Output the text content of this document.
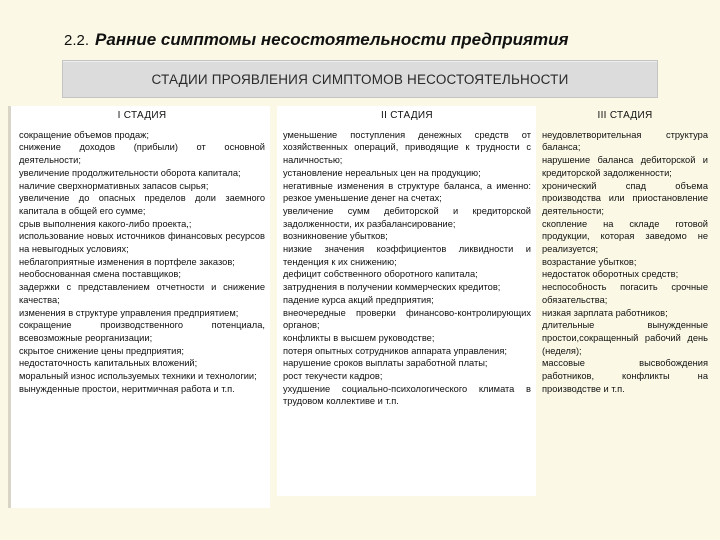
2.2. Ранние симптомы несостоятельности предприятия
СТАДИИ ПРОЯВЛЕНИЯ СИМПТОМОВ НЕСОСТОЯТЕЛЬНОСТИ
I СТАДИЯ

сокращение объемов продаж;

снижение доходов (прибыли) от основной деятельности;

увеличение продолжительности оборота капитала;

наличие сверхнормативных запасов сырья;

увеличение до опасных пределов доли заемного капитала в общей его сумме;

срыв выполнения какого-либо проекта,;

использование новых источников финансовых ресурсов на невыгодных условиях;

неблагоприятные изменения в портфеле заказов;

необоснованная смена поставщиков;

задержки с представлением отчетности и снижение качества;

изменения в структуре управления предприятием;

сокращение производственного потенциала, всевозможные реорганизации;

скрытое снижение цены предприятия;

недостаточность капитальных вложений;

моральный износ используемых техники и технологии;

вынужденные простои, неритмичная работа и т.п.

II СТАДИЯ

уменьшение поступления денежных средств от хозяйственных операций, приводящие к трудности с наличностью;

установление нереальных цен на продукцию;

негативные изменения в структуре баланса, а именно: резкое уменьшение денег на счетах;

увеличение сумм дебиторской и кредиторской задолженности, их разбалансирование;

возникновение убытков;

низкие значения коэффициентов ликвидности и тенденция к их снижению;

дефицит собственного оборотного капитала;

затруднения в получении коммерческих кредитов;

падение курса акций предприятия;

внеочередные проверки финансово-контролирующих органов;

конфликты в высшем руководстве;

потеря опытных сотрудников аппарата управления;

нарушение сроков выплаты заработной платы;

рост текучести кадров;

ухудшение социально-психологического климата в трудовом коллективе и т.п.

III СТАДИЯ

неудовлетворительная структура баланса;

нарушение баланса дебиторской и кредиторской задолженности;

хронический спад объема производства или приостановление деятельности;

скопление на складе готовой продукции, которая заведомо не реализуется;

возрастание убытков;

недостаток оборотных средств;

неспособность погасить срочные обязательства;

низкая зарплата работников;

длительные вынужденные простои,сокращенный рабочий день (неделя);

массовые высвобождения работников, конфликты на производстве и т.п.
